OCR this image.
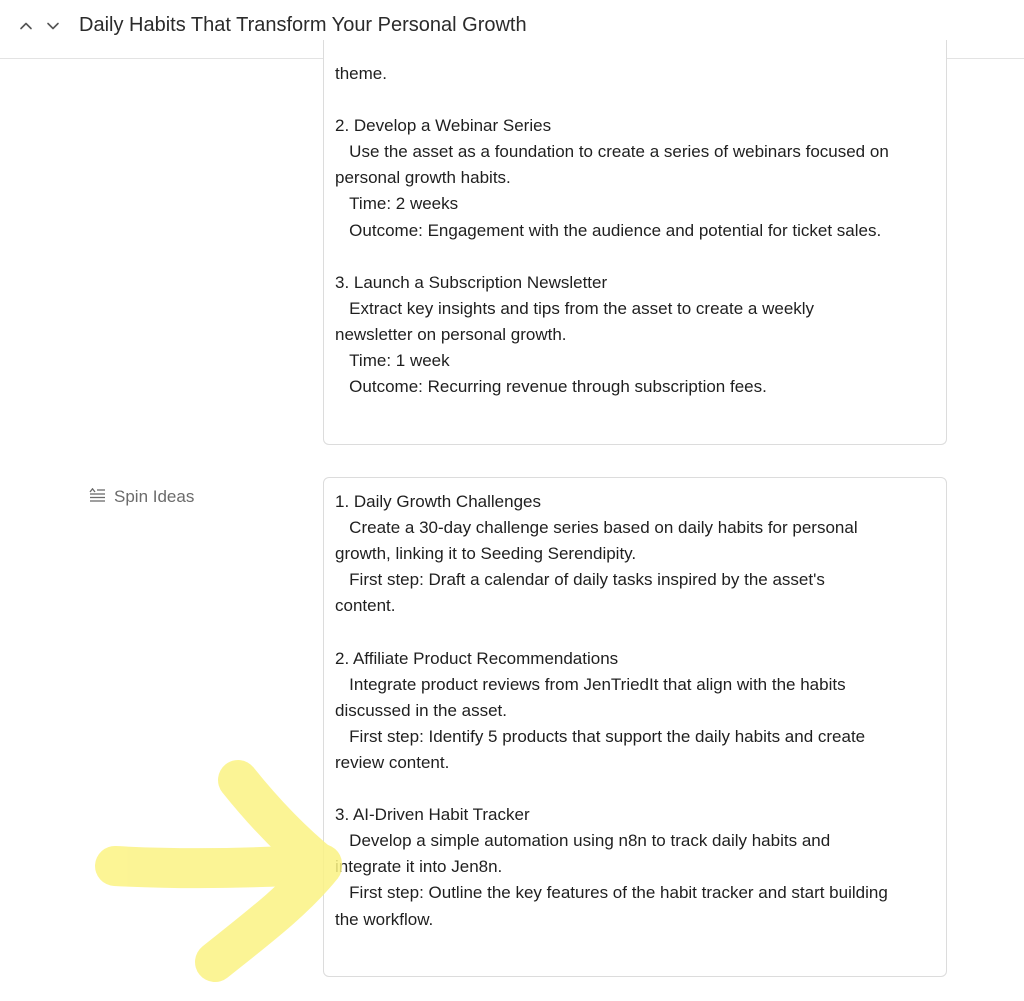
Daily Habits That Transform Your Personal Growth
theme.
2. Develop a Webinar Series
Use the asset as a foundation to create a series of webinars focused on
personal growth habits.
Time: 2 weeks
Outcome: Engagement with the audience and potential for ticket sales.
3. Launch a Subscription Newsletter
Extract key insights and tips from the asset to create a weekly
newsletter on personal growth.
Time: 1 week
Outcome: Recurring revenue through subscription fees.
Spin Ideas	1. Daily Growth Challenges
Create a 30-day challenge series based on daily habits for personal
growth, linking it to Seeding Serendipity.
First step: Draft a calendar of daily tasks inspired by the asset's
content.
2. Affiliate Product Recommendations
Integrate product reviews from JenTriedIt that align with the habits
discussed in the asset.
First step: Identify 5 products that support the daily habits and create
review content.
3. AI-Driven Habit Tracker
Develop a simple automation using n8n to track daily habits and
integrate it into Jen8n.
First step: Outline the key features of the habit tracker and start building
the workflow.
